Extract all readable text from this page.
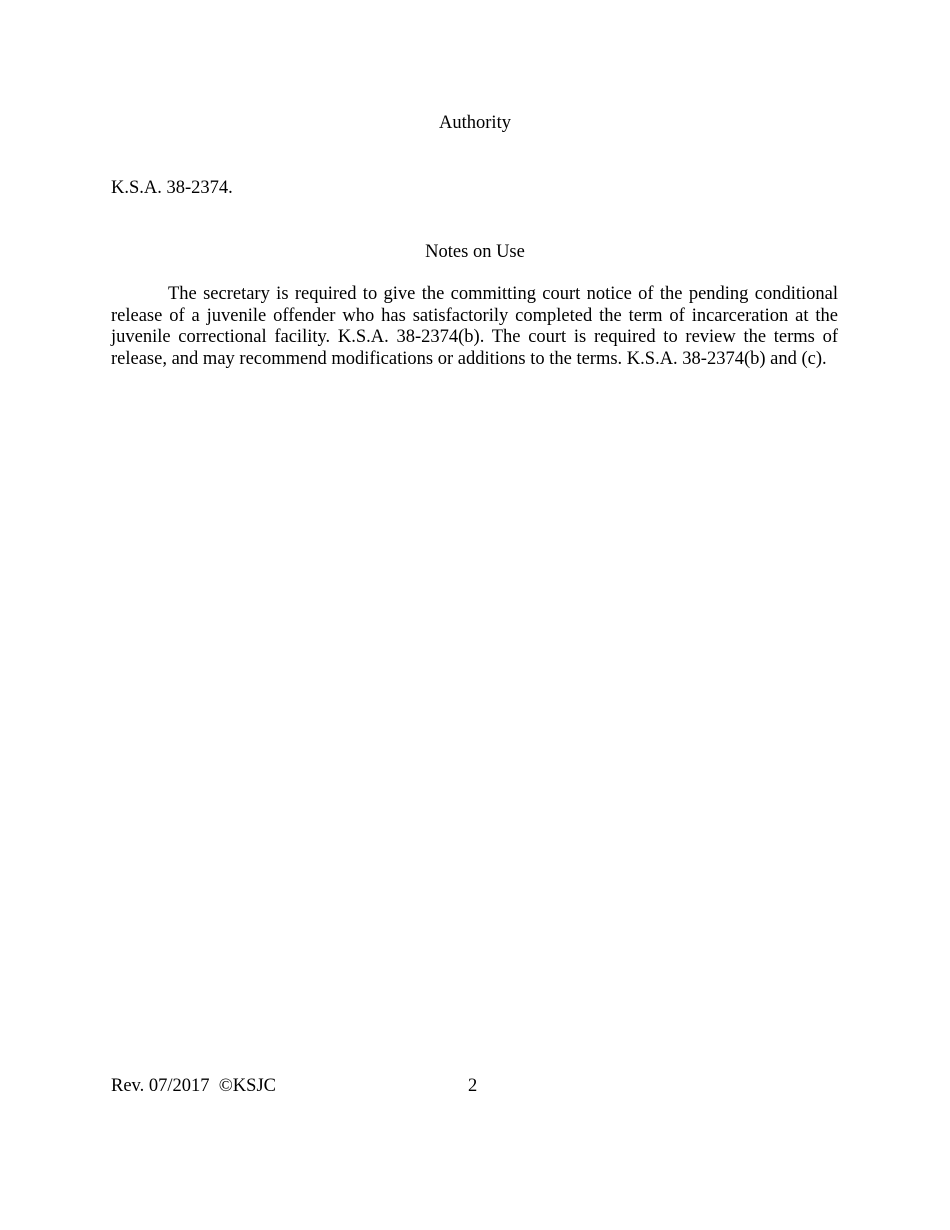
Authority

K.S.A. 38-2374.

Notes on Use

The secretary is required to give the committing court notice of the pending conditional release of a juvenile offender who has satisfactorily completed the term of incarceration at the juvenile correctional facility. K.S.A. 38-2374(b). The court is required to review the terms of release, and may recommend modifications or additions to the terms. K.S.A. 38-2374(b) and (c).

Rev. 07/2017  ©KSJC	2
